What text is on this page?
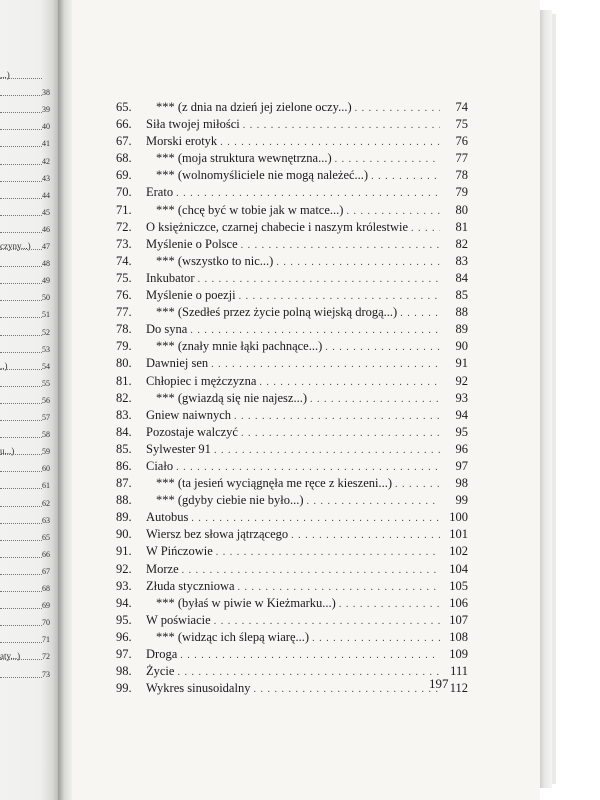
...)
38
39
40
41
42
43
44
45
46
czyny...) 47
48
49
50
51
52
53
..)	54
55
56
57
58
u...)	59
60
61
62
63
65
66
67
68
69
70
71
aty...)	72
73
65.	*** (z dnia na dzień jej zielone oczy...) . . .	74
66.	Siła twojej miłości . . .	75
67.	Morski erotyk . . .	76
68.	*** (moja struktura wewnętrzna...) . . .	77
69.	*** (wolnomyśliciele nie mogą należeć...) . . .	78
70.	Erato . . .	79
71.	*** (chcę być w tobie jak w matce...) . . .	80
72.	O księżniczce, czarnej chabecie i naszym królestwie . . .	81
73.	Myślenie o Polsce . . .	82
74.	*** (wszystko to nic...) . . .	83
75.	Inkubator . . .	84
76.	Myślenie o poezji . . .	85
77.	*** (Szedłeś przez życie polną wiejską drogą...) . . .	88
78.	Do syna . . .	89
79.	*** (znały mnie łąki pachnące...) . . .	90
80.	Dawniej sen . . .	91
81.	Chłopiec i mężczyzna . . .	92
82.	*** (gwiazdą się nie najesz...) . . .	93
83.	Gniew naiwnych . . .	94
84.	Pozostaje walczyć . . .	95
85.	Sylwester 91 . . .	96
86.	Ciało . . .	97
87.	*** (ta jesień wyciągnęła me ręce z kieszeni...) . . .	98
88.	*** (gdyby ciebie nie było...) . . .	99
89.	Autobus . . .	100
90.	Wiersz bez słowa jątrzącego . . .	101
91.	W Pińczowie . . .	102
92.	Morze . . .	104
93.	Złuda styczniowa . . .	105
94.	*** (byłaś w piwie w Kieżmarku...) . . .	106
95.	W poświacie . . .	107
96.	*** (widząc ich ślepą wiarę...) . . .	108
97.	Droga . . .	109
98.	Życie . . .	111
99.	Wykres sinusoidalny . . .	112
197
